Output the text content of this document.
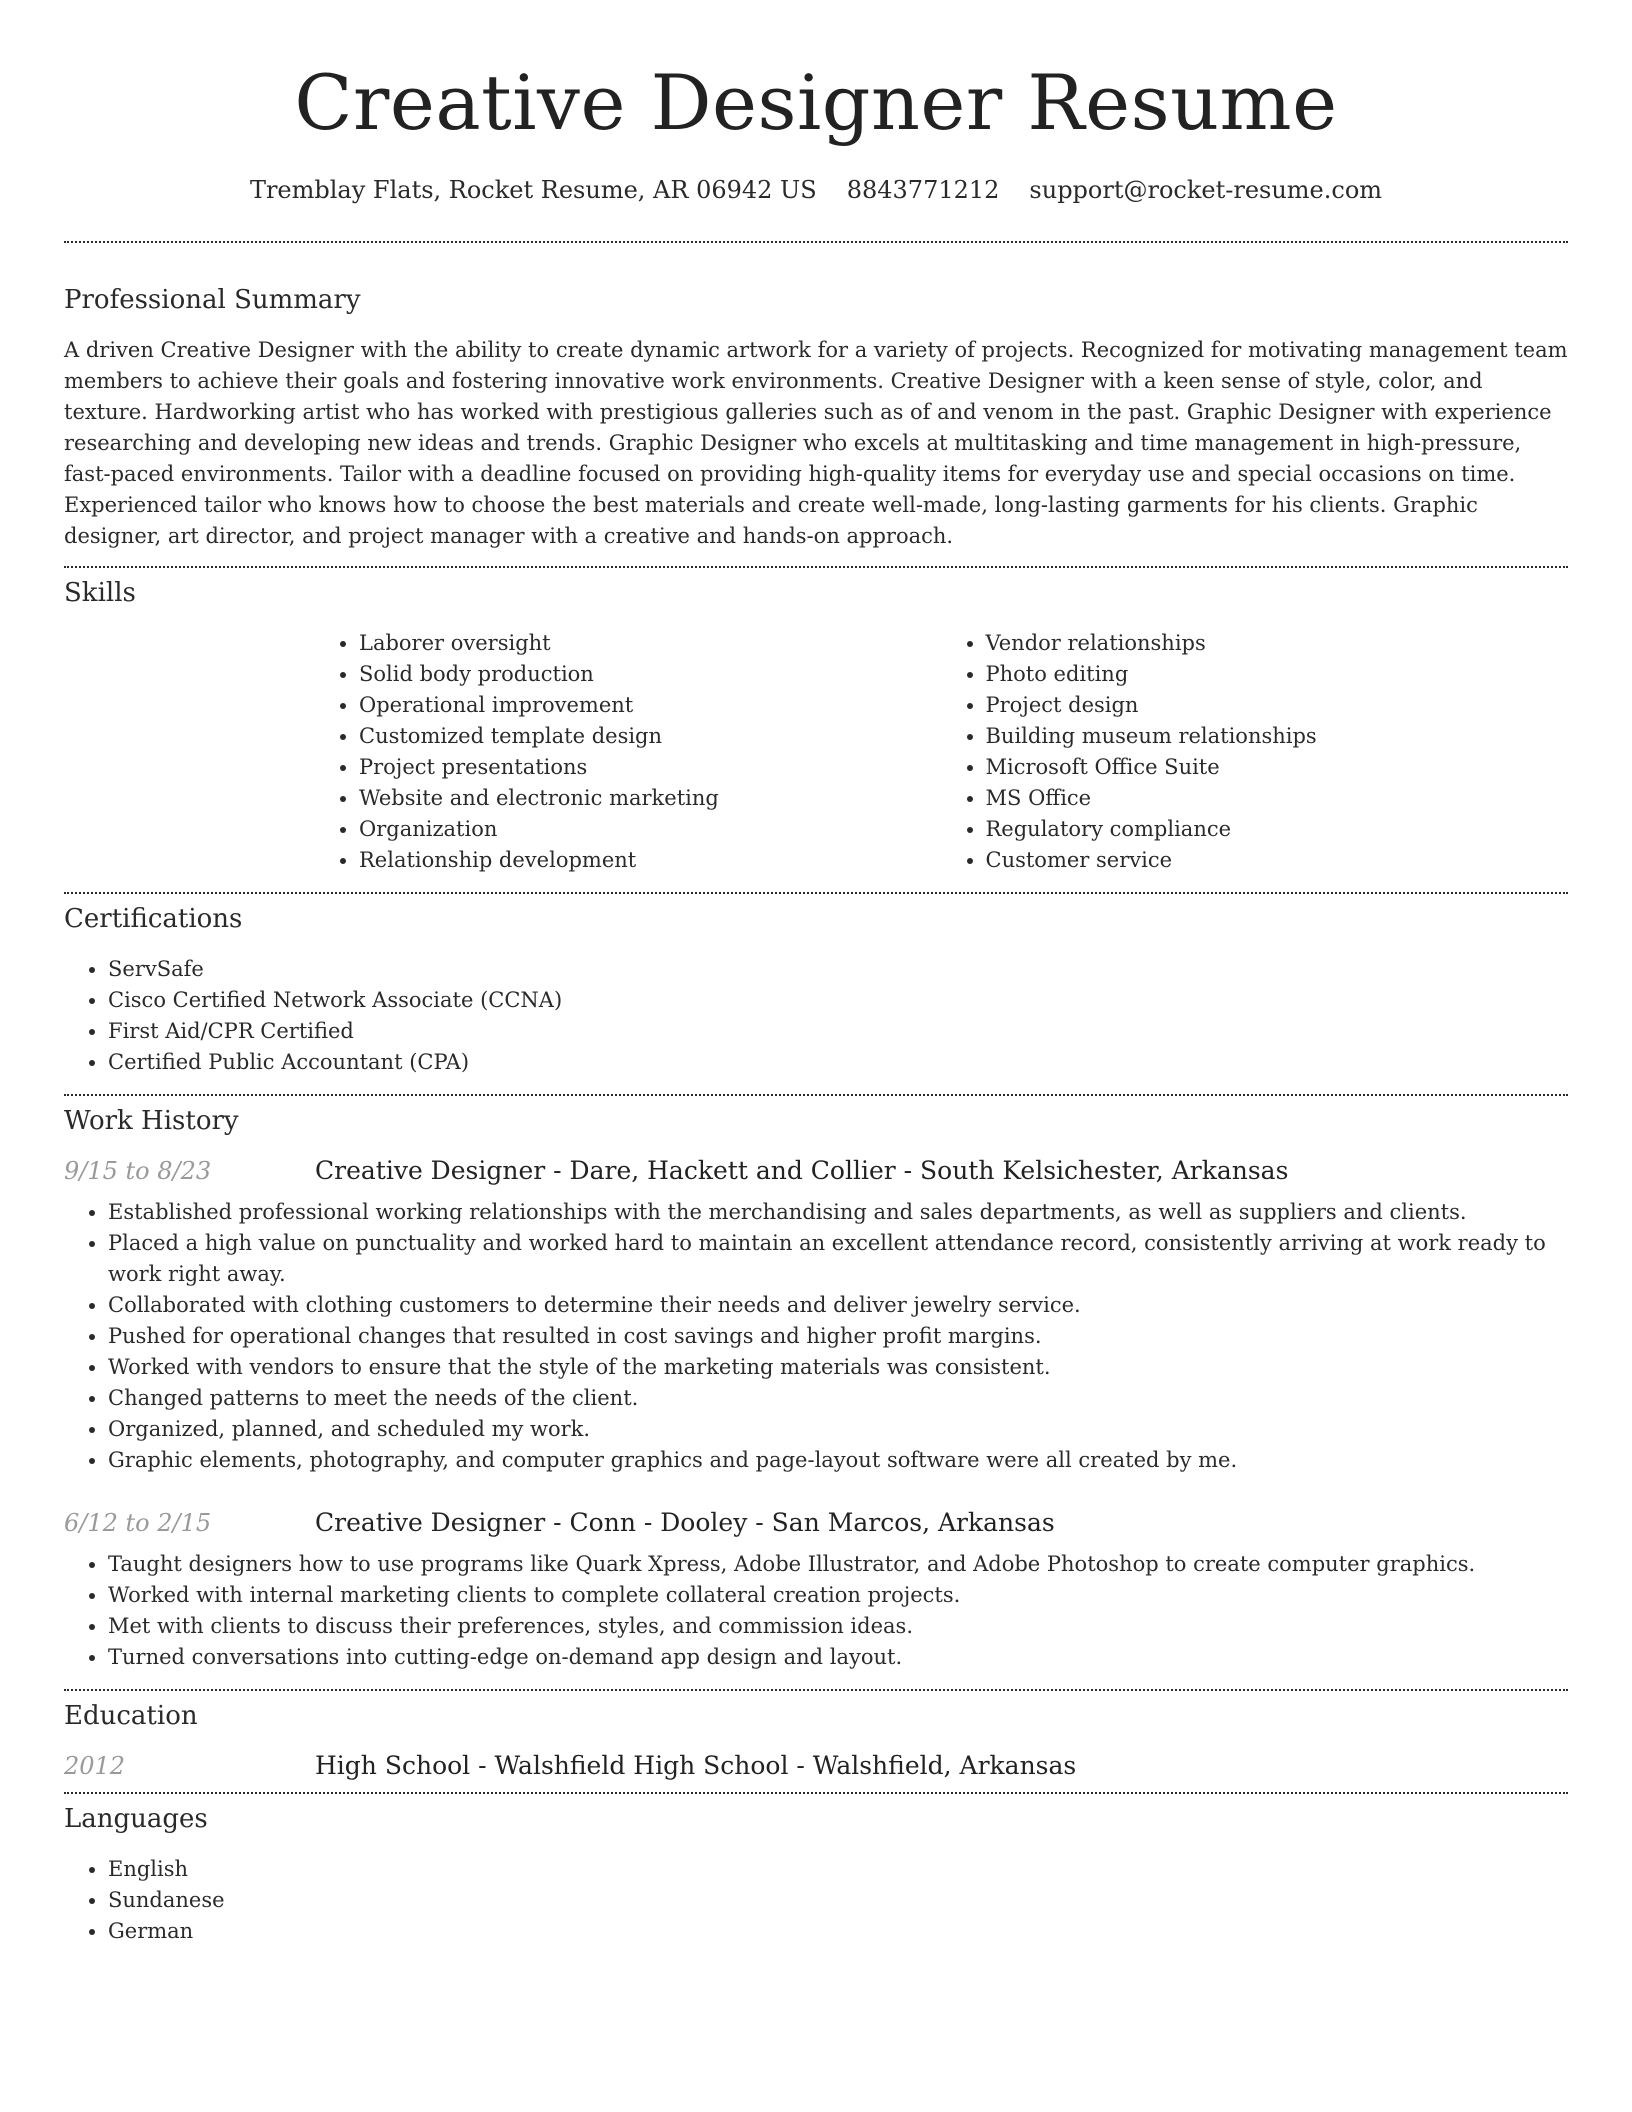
Creative Designer Resume
Tremblay Flats, Rocket Resume, AR 06942 US 8843771212 support@rocket-resume.com
Professional Summary

A driven Creative Designer with the ability to create dynamic artwork for a variety of projects. Recognized for motivating management team members to achieve their goals and fostering innovative work environments. Creative Designer with a keen sense of style, color, and texture. Hardworking artist who has worked with prestigious galleries such as of and venom in the past. Graphic Designer with experience researching and developing new ideas and trends. Graphic Designer who excels at multitasking and time management in high-pressure, fast-paced environments. Tailor with a deadline focused on providing high-quality items for everyday use and special occasions on time. Experienced tailor who knows how to choose the best materials and create well-made, long-lasting garments for his clients. Graphic designer, art director, and project manager with a creative and hands-on approach.

Skills
• Laborer oversight
• Solid body production
• Operational improvement
• Customized template design
• Project presentations
• Website and electronic marketing
• Organization
• Relationship development
• Vendor relationships
• Photo editing
• Project design
• Building museum relationships
• Microsoft Office Suite
• MS Office
• Regulatory compliance
• Customer service
Certifications
• ServSafe
• Cisco Certified Network Associate (CCNA)
• First Aid/CPR Certified
• Certified Public Accountant (CPA)
Work History
9/15 to 8/23	Creative Designer - Dare, Hackett and Collier - South Kelsichester, Arkansas
• Established professional working relationships with the merchandising and sales departments, as well as suppliers and clients.
• Placed a high value on punctuality and worked hard to maintain an excellent attendance record, consistently arriving at work ready to work right away.
• Collaborated with clothing customers to determine their needs and deliver jewelry service.
• Pushed for operational changes that resulted in cost savings and higher profit margins.
• Worked with vendors to ensure that the style of the marketing materials was consistent.
• Changed patterns to meet the needs of the client.
• Organized, planned, and scheduled my work.
• Graphic elements, photography, and computer graphics and page-layout software were all created by me.
6/12 to 2/15	Creative Designer - Conn - Dooley - San Marcos, Arkansas
• Taught designers how to use programs like Quark Xpress, Adobe Illustrator, and Adobe Photoshop to create computer graphics.
• Worked with internal marketing clients to complete collateral creation projects.
• Met with clients to discuss their preferences, styles, and commission ideas.
• Turned conversations into cutting-edge on-demand app design and layout.
Education
2012	High School - Walshfield High School - Walshfield, Arkansas
Languages
• English
• Sundanese
• German
